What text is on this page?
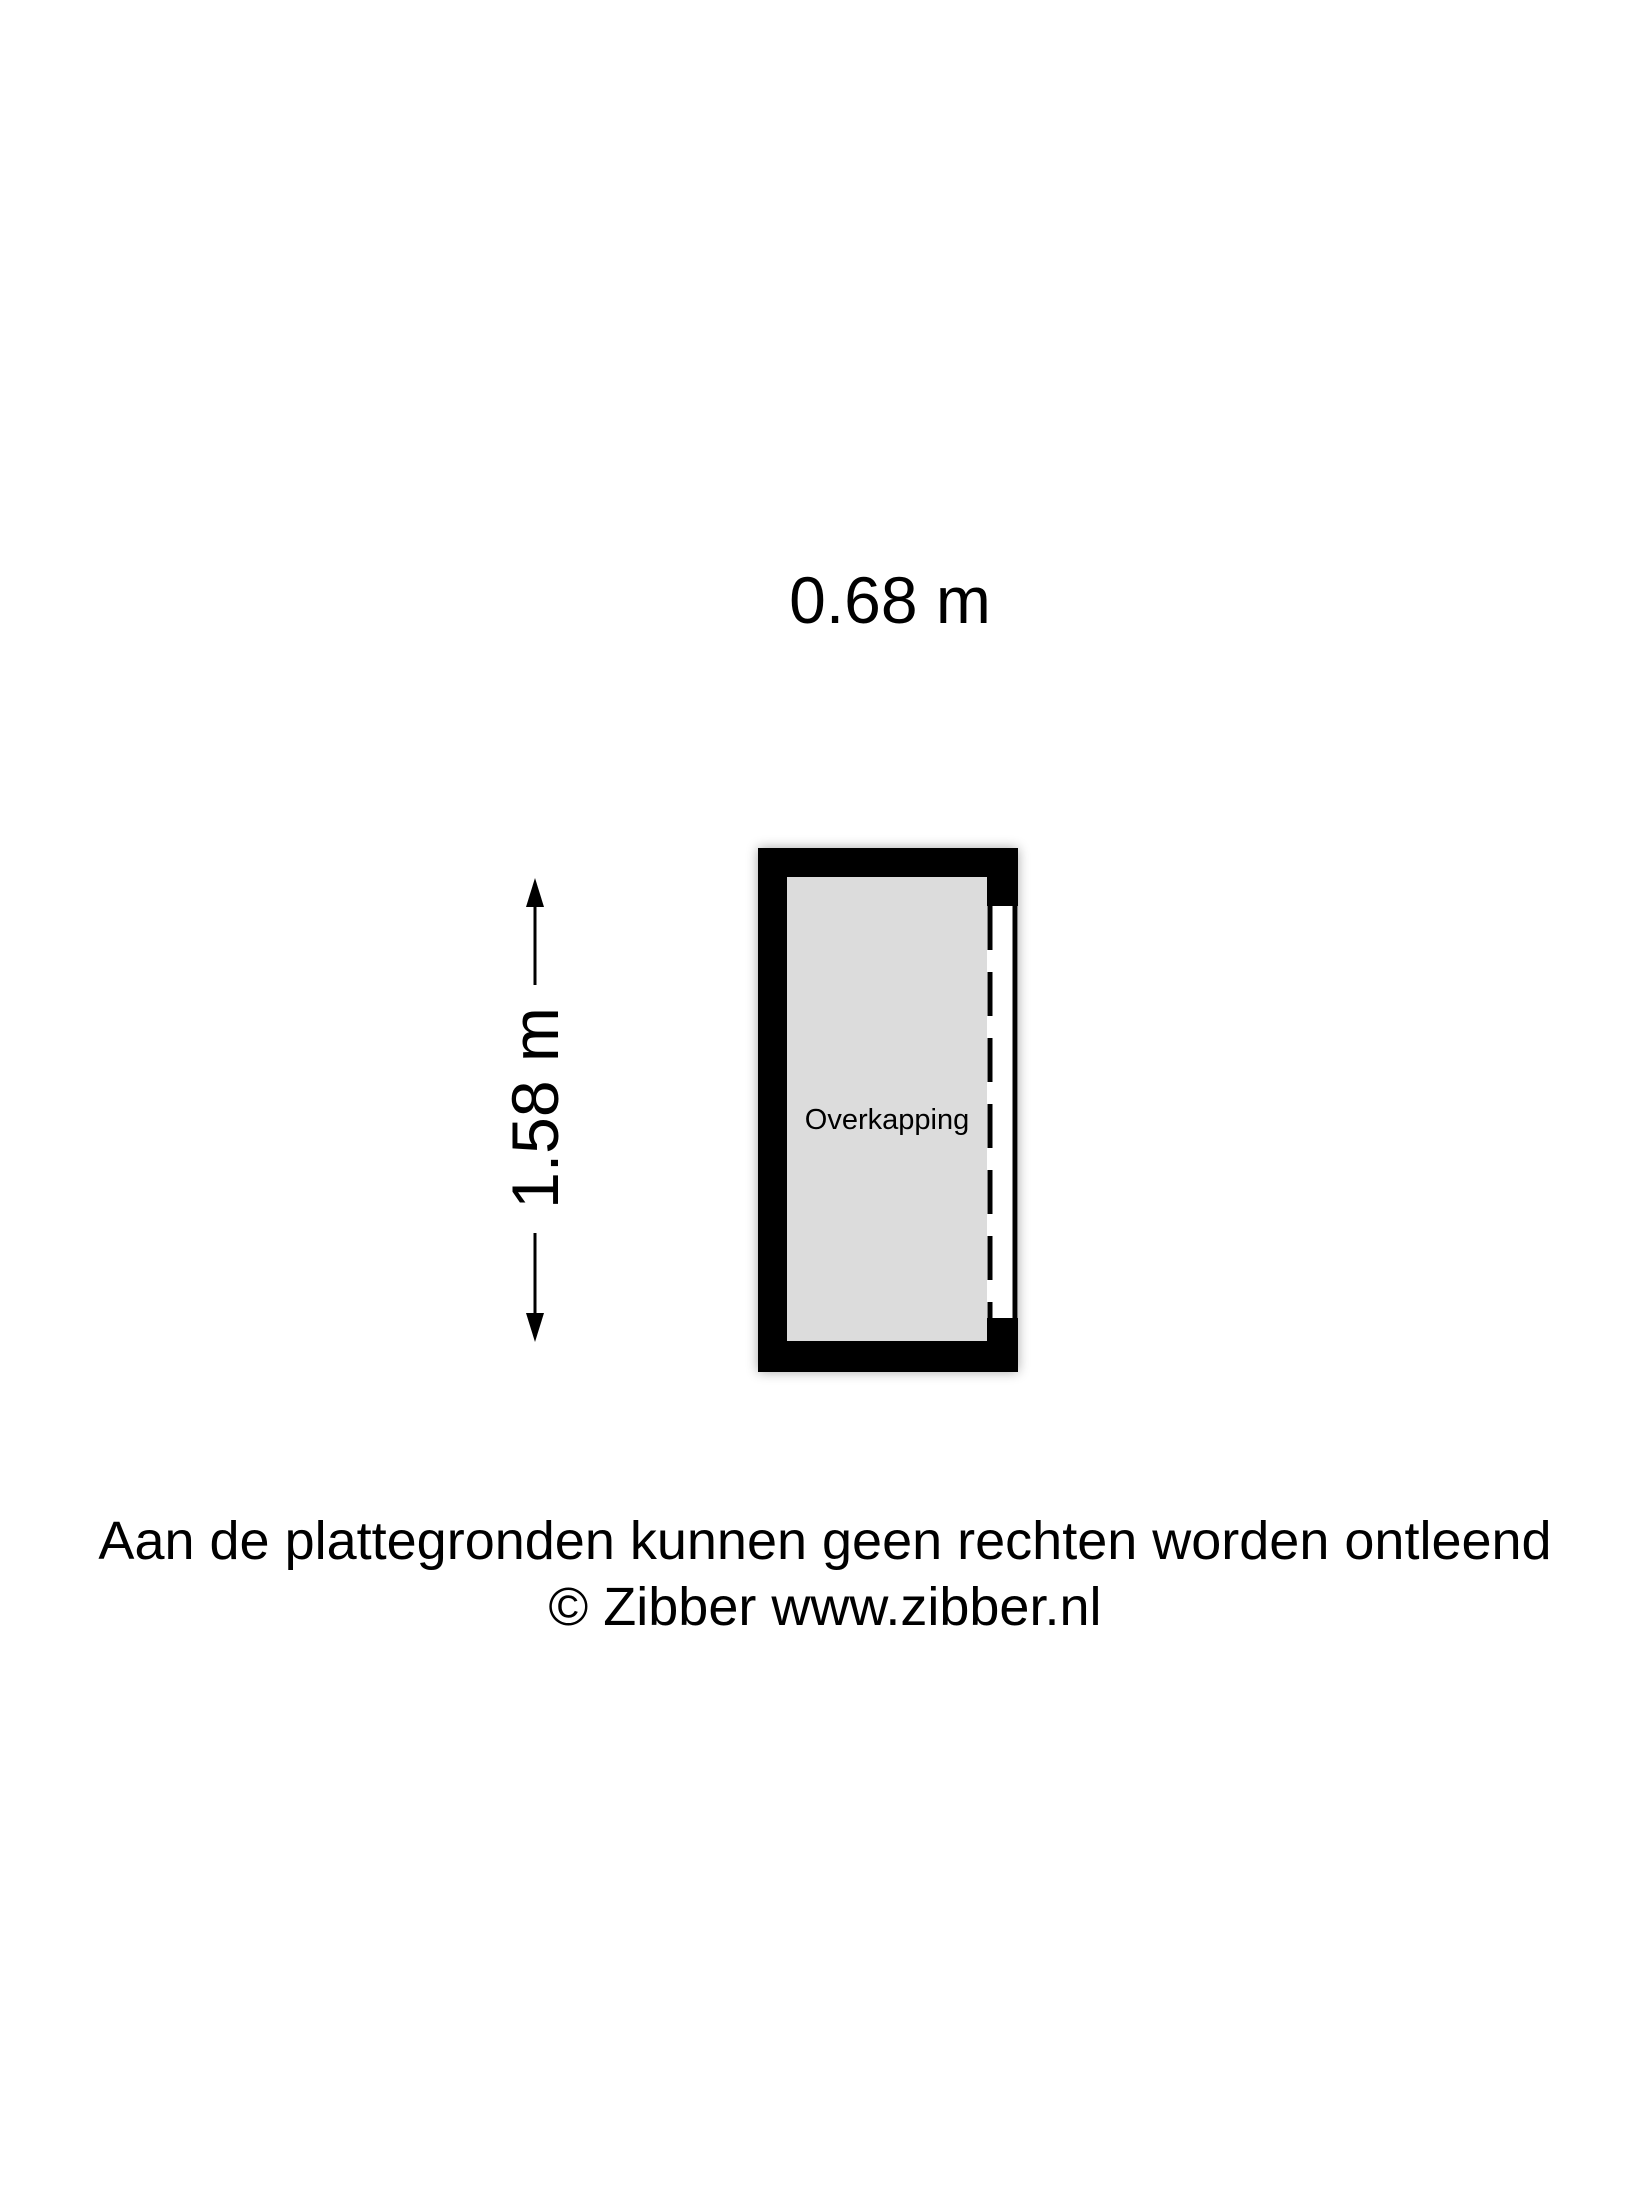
0.68 m
1.58 m	Overkapping
Aan de plattegronden kunnen geen rechten worden ontleend
© Zibber www.zibber.nl
